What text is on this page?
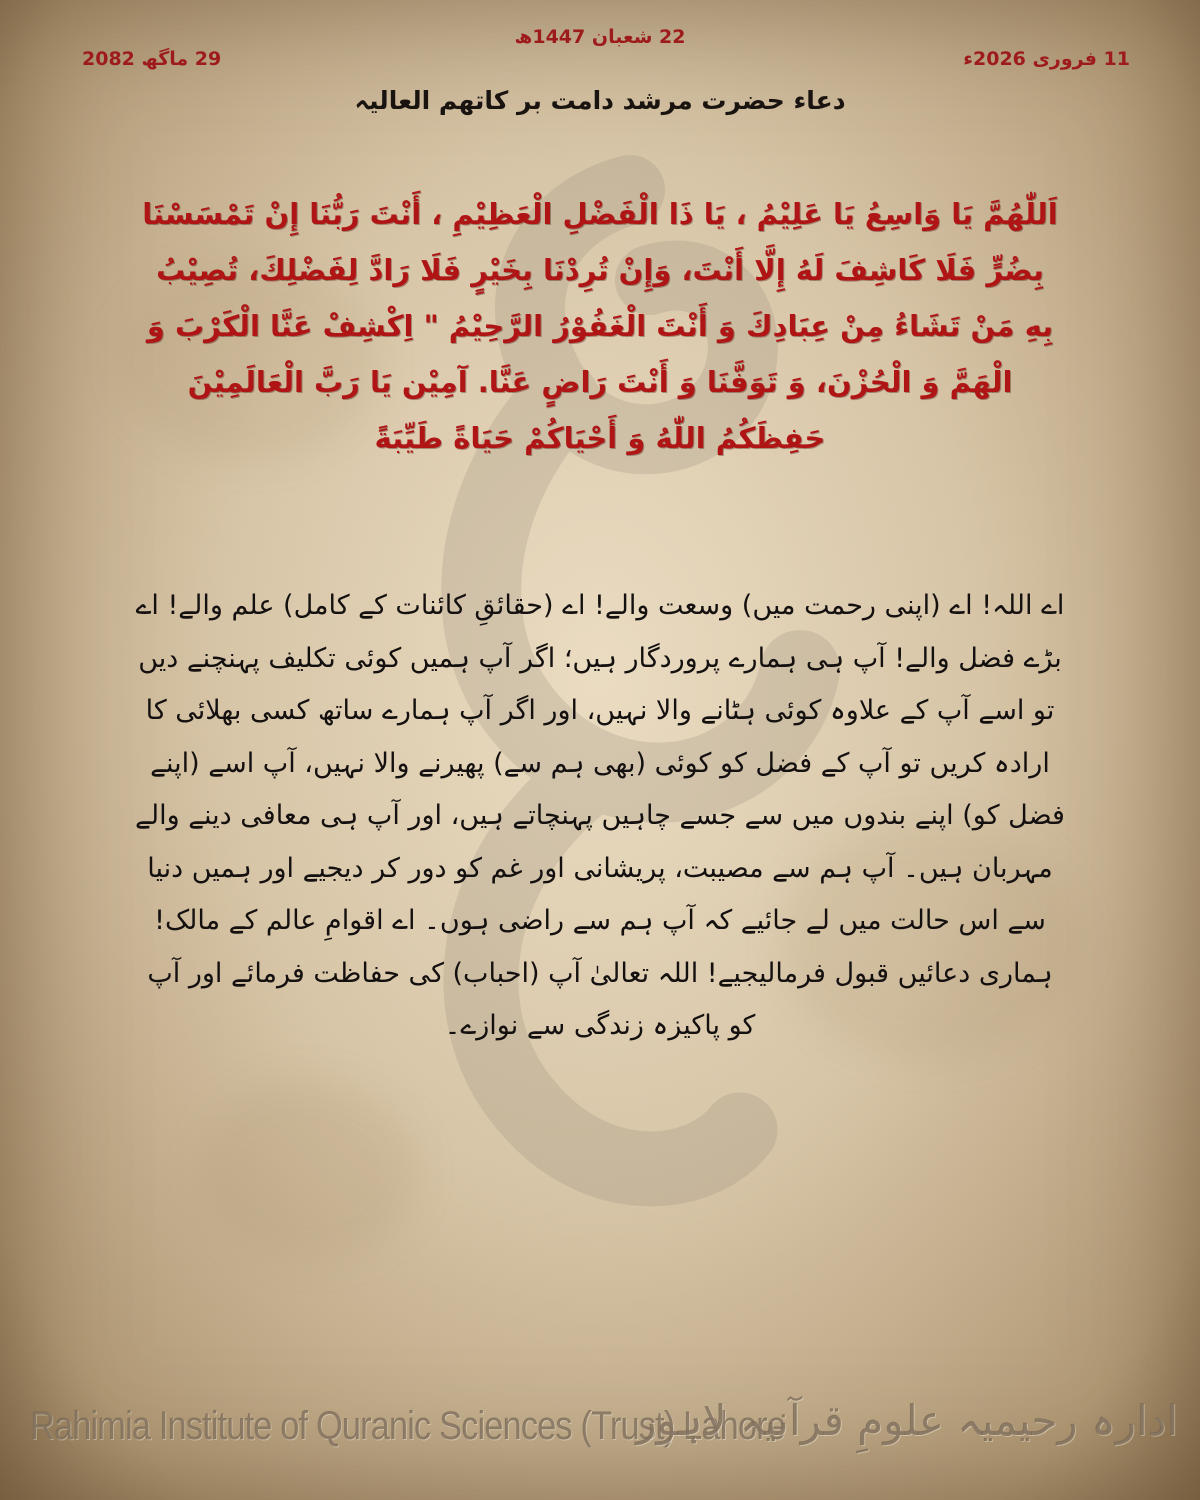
22 شعبان 1447ھ
29 ماگھ 2082	11 فروری 2026ء
دعاء حضرت مرشد دامت بر کاتھم العالیہ
اَللّٰهُمَّ يَا وَاسِعُ يَا عَلِيْمُ ، يَا ذَا الْفَضْلِ الْعَظِيْمِ ، أَنْتَ رَبُّنَا إِنْ تَمْسَسْنَا بِضُرٍّ فَلَا كَاشِفَ لَهُ إِلَّا أَنْتَ، وَإِنْ تُرِدْنَا بِخَيْرٍ فَلَا رَادَّ لِفَضْلِكَ، تُصِيْبُ بِهِ مَنْ تَشَاءُ مِنْ عِبَادِكَ وَ أَنْتَ الْغَفُوْرُ الرَّحِيْمُ " اِكْشِفْ عَنَّا الْكَرْبَ وَ الْهَمَّ وَ الْحُزْنَ، وَ تَوَفَّنَا وَ أَنْتَ رَاضٍ عَنَّا. آمِيْن يَا رَبَّ الْعَالَمِيْنَ حَفِظَكُمُ اللّٰهُ وَ أَحْيَاكُمْ حَيَاةً طَيِّبَةً
اے اللہ! اے (اپنی رحمت میں) وسعت والے! اے (حقائقِ کائنات کے کامل) علم والے! اے بڑے فضل والے! آپ ہی ہمارے پروردگار ہیں؛ اگر آپ ہمیں کوئی تکلیف پہنچنے دیں تو اسے آپ کے علاوہ کوئی ہٹانے والا نہیں، اور اگر آپ ہمارے ساتھ کسی بھلائی کا ارادہ کریں تو آپ کے فضل کو کوئی (بھی ہم سے) پھیرنے والا نہیں، آپ اسے (اپنے فضل کو) اپنے بندوں میں سے جسے چاہیں پہنچاتے ہیں، اور آپ ہی معافی دینے والے مہربان ہیں۔ آپ ہم سے مصیبت، پریشانی اور غم کو دور کر دیجیے اور ہمیں دنیا سے اس حالت میں لے جائیے کہ آپ ہم سے راضی ہوں۔ اے اقوامِ عالم کے مالک! ہماری دعائیں قبول فرمالیجیے! اللہ تعالیٰ آپ (احباب) کی حفاظت فرمائے اور آپ کو پاکیزہ زندگی سے نوازے۔
Rahimia Institute of Quranic Sciences (Trust) Lahore
ادارہ رحیمیہ علومِ قرآنیہ لاہور
